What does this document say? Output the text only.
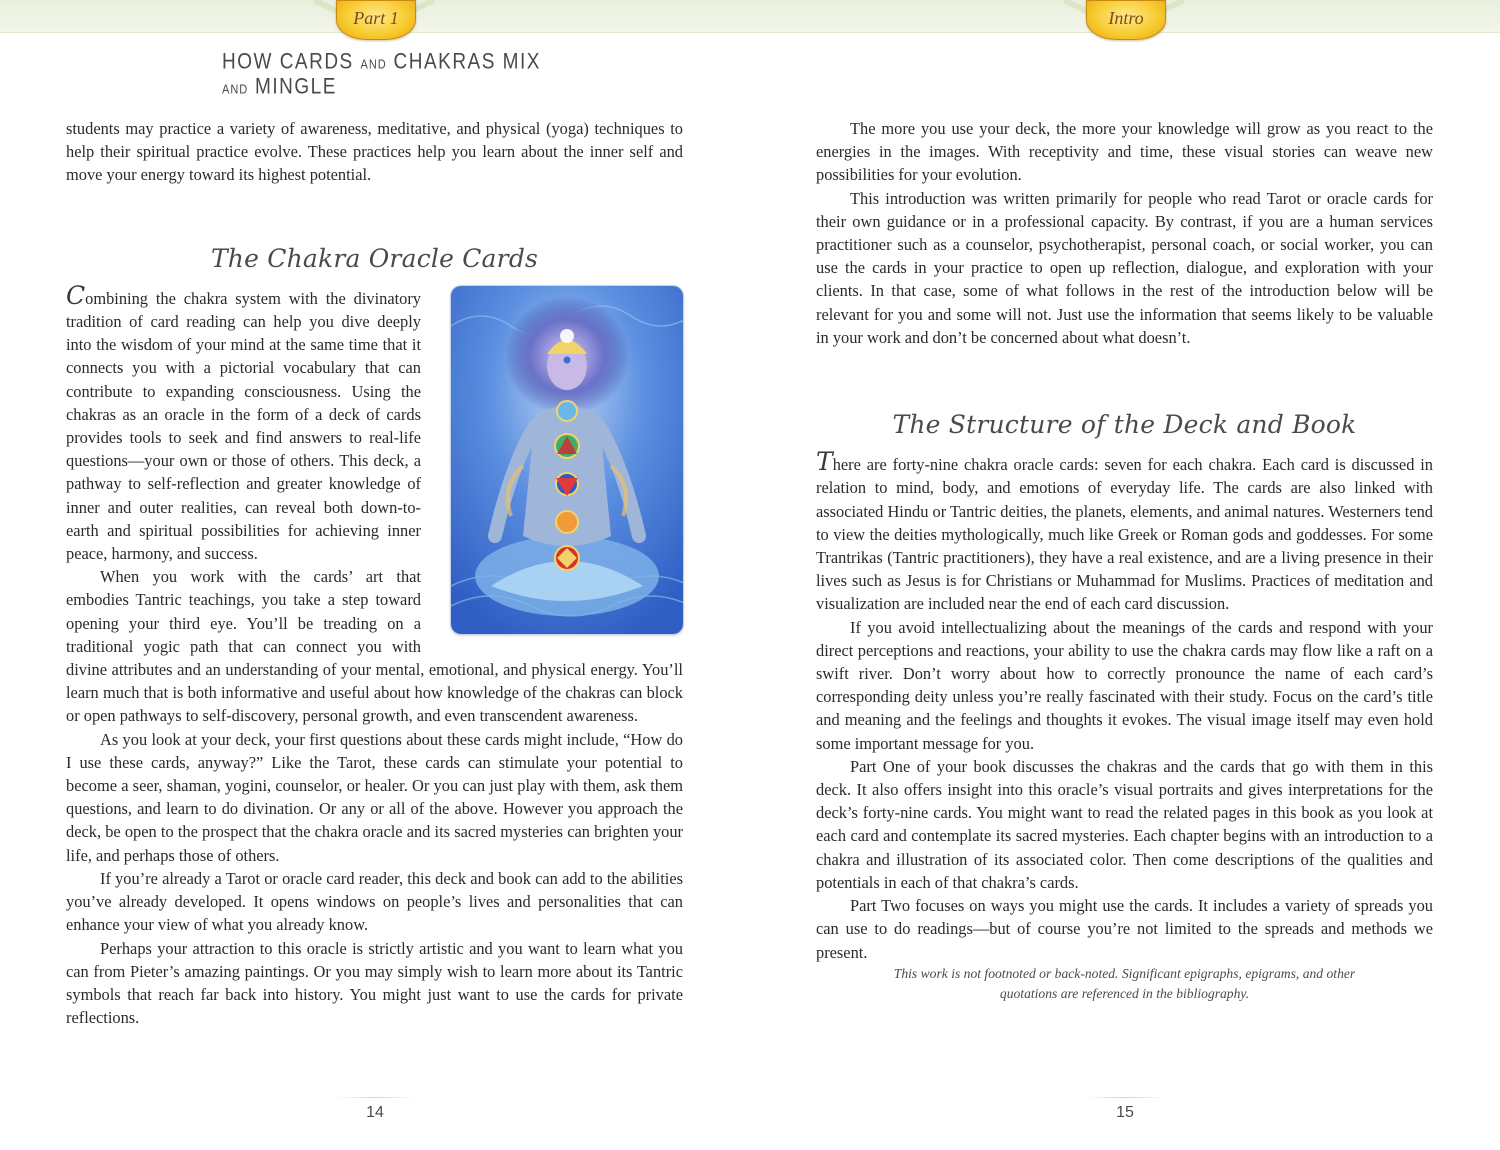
Part 1	Intro
HOW CARDS AND CHAKRAS MIX AND MINGLE

students may practice a variety of awareness, meditative, and physical (yoga) techniques to help their spiritual practice evolve. These practices help you learn about the inner self and move your energy toward its highest potential.

The Chakra Oracle Cards

Combining the chakra system with the divinatory tradition of card reading can help you dive deeply into the wisdom of your mind at the same time that it connects you with a pictorial vocabulary that can contribute to expanding consciousness. Using the chakras as an oracle in the form of a deck of cards provides tools to seek and find answers to real-life questions—your own or those of others. This deck, a pathway to self-reflection and greater knowledge of inner and outer realities, can reveal both down-to-earth and spiritual possibilities for achieving inner peace, harmony, and success.

When you work with the cards’ art that embodies Tantric teachings, you take a step toward opening your third eye. You’ll be treading on a traditional yogic path that can connect you with divine attributes and an understanding of your mental, emotional, and physical energy. You’ll learn much that is both informative and useful about how knowledge of the chakras can block or open pathways to self-discovery, personal growth, and even transcendent awareness.

As you look at your deck, your first questions about these cards might include, “How do I use these cards, anyway?” Like the Tarot, these cards can stimulate your potential to become a seer, shaman, yogini, counselor, or healer. Or you can just play with them, ask them questions, and learn to do divination. Or any or all of the above. However you approach the deck, be open to the prospect that the chakra oracle and its sacred mysteries can brighten your life, and perhaps those of others.

If you’re already a Tarot or oracle card reader, this deck and book can add to the abilities you’ve already developed. It opens windows on people’s lives and personalities that can enhance your view of what you already know.

Perhaps your attraction to this oracle is strictly artistic and you want to learn what you can from Pieter’s amazing paintings. Or you may simply wish to learn more about its Tantric symbols that reach far back into history. You might just want to use the cards for private reflections.

The more you use your deck, the more your knowledge will grow as you react to the energies in the images. With receptivity and time, these visual stories can weave new possibilities for your evolution.

This introduction was written primarily for people who read Tarot or oracle cards for their own guidance or in a professional capacity. By contrast, if you are a human services practitioner such as a counselor, psychotherapist, personal coach, or social worker, you can use the cards in your practice to open up reflection, dialogue, and exploration with your clients. In that case, some of what follows in the rest of the introduction below will be relevant for you and some will not. Just use the information that seems likely to be valuable in your work and don’t be concerned about what doesn’t.

The Structure of the Deck and Book

There are forty-nine chakra oracle cards: seven for each chakra. Each card is discussed in relation to mind, body, and emotions of everyday life. The cards are also linked with associated Hindu or Tantric deities, the planets, elements, and animal natures. Westerners tend to view the deities mythologically, much like Greek or Roman gods and goddesses. For some Trantrikas (Tantric practitioners), they have a real existence, and are a living presence in their lives such as Jesus is for Christians or Muhammad for Muslims. Practices of meditation and visualization are included near the end of each card discussion.

If you avoid intellectualizing about the meanings of the cards and respond with your direct perceptions and reactions, your ability to use the chakra cards may flow like a raft on a swift river. Don’t worry about how to correctly pronounce the name of each card’s corresponding deity unless you’re really fascinated with their study. Focus on the card’s title and meaning and the feelings and thoughts it evokes. The visual image itself may even hold some important message for you.

Part One of your book discusses the chakras and the cards that go with them in this deck. It also offers insight into this oracle’s visual portraits and gives interpretations for the deck’s forty-nine cards. You might want to read the related pages in this book as you look at each card and contemplate its sacred mysteries. Each chapter begins with an introduction to a chakra and illustration of its associated color. Then come descriptions of the qualities and potentials in each of that chakra’s cards.

Part Two focuses on ways you might use the cards. It includes a variety of spreads you can use to do readings—but of course you’re not limited to the spreads and methods we present.

This work is not footnoted or back-noted. Significant epigraphs, epigrams, and other quotations are referenced in the bibliography.

14	15
